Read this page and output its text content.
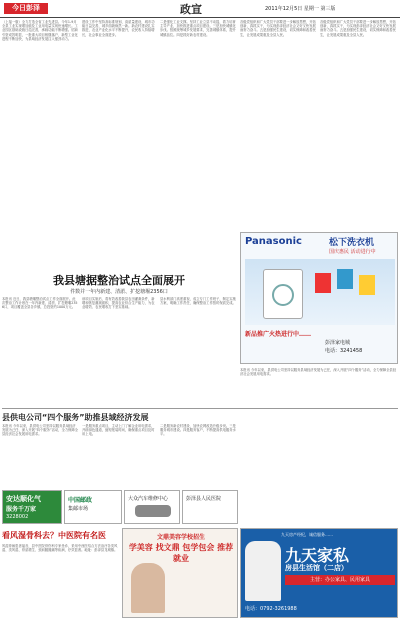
今日彭泽	政宣	2011年12月5日 星期一 第三版
（上接一版）全力打造全省工业先进县。今年1-9月全县工业实现增加值及工业用电量实现快速增长。工业园区基础设施日趋完善，承载功能不断增强。招商引资成效明显，一批重大项目相继落户，新型工业化进程不断加快，为县域经济发展注入强劲动力。
建设工作中坚持高标准规划、高质量建设，城市功能日益完善，城乡面貌焕然一新。新农村建设扎实推进，农业产业化水平不断提升，农民收入持续增长，社会事业全面进步。
二是强化工业支撑。坚持工业立县不动摇，着力培育主导产业，加快推进重点项目建设。三是加快城镇化步伐。按照统筹城乡发展要求，完善城镇体系，提升城镇品位。四是抓好新农村建设。
各级党组织和广大党员干部要进一步解放思想，开拓创新，真抓实干，为实现彭泽经济社会又好又快发展而努力奋斗。五是加强民生建设，切实保障和改善民生，让发展成果惠及全县人民。
各级党组织和广大党员干部要进一步解放思想，开拓创新，真抓实干，为实现彭泽经济社会又好又快发展而努力奋斗。五是加强民生建设，切实保障和改善民生，让发展成果惠及全县人民。
Panasonic	松下洗衣机
国庆惠民 活动进行中
新品推广火热进行中……
彭泽家电城
电话：3241458
我县塘据整治试点全面展开
件数并一年内新建、清淤、扩挖塘堰2356口
本报讯 近日，我县塘堰整治试点工作全面展开。此次整治工作计划在一年内新建、清淤、扩挖塘堰2356口，项目覆盖全县各乡镇，总投资约1000万元。
该项目实施后，将有效改善我县农田灌溉条件，新增和恢复灌溉面积，提高农业综合生产能力，为农业增效、农民增收打下坚实基础。
县水利部门高度重视，成立专门工作班子，制定实施方案，明确工作责任，确保整治工作按时保质完成。
县供电公司“四个服务”助推县域经济发展
本报讯 今年以来，县供电公司坚持以服务县域经济发展为己任，深入开展“四个服务”活动，全力保障全县经济社会发展用电需求。
一是服务重点项目，主动上门了解企业用电需求，开辟绿色通道，缩短报装时间，确保重点项目及时用上电。
二是服务新农村建设，加快农网改造升级步伐。三是服务城市建设。四是服务客户，不断提高供电服务水平。
本报讯 今年以来，县供电公司坚持以服务县域经济发展为己任，深入开展“四个服务”活动，全力保障全县经济社会发展用电需求。
安达顺化气
服务千万家
3228002
中国邮政
集邮市场
大众汽车维修中心	彭泽县人民医院
看风湿骨科去？中医院有名医
风湿骨病患者福音，县中医院骨伤科专家坐诊，采用中西医结合方法治疗各类风湿、类风湿、骨质增生、颈肩腰腿痛等疾病，疗效显著。地址：彭泽县龙城镇。
文鼎美容学校招生
学美容 找文鼎 包学包会 推荐就业
九天房产经纪，诚信服务……
九天家私
房县生活馆（二店）
主营：办公家具、民用家具
电话：0792-3261988
